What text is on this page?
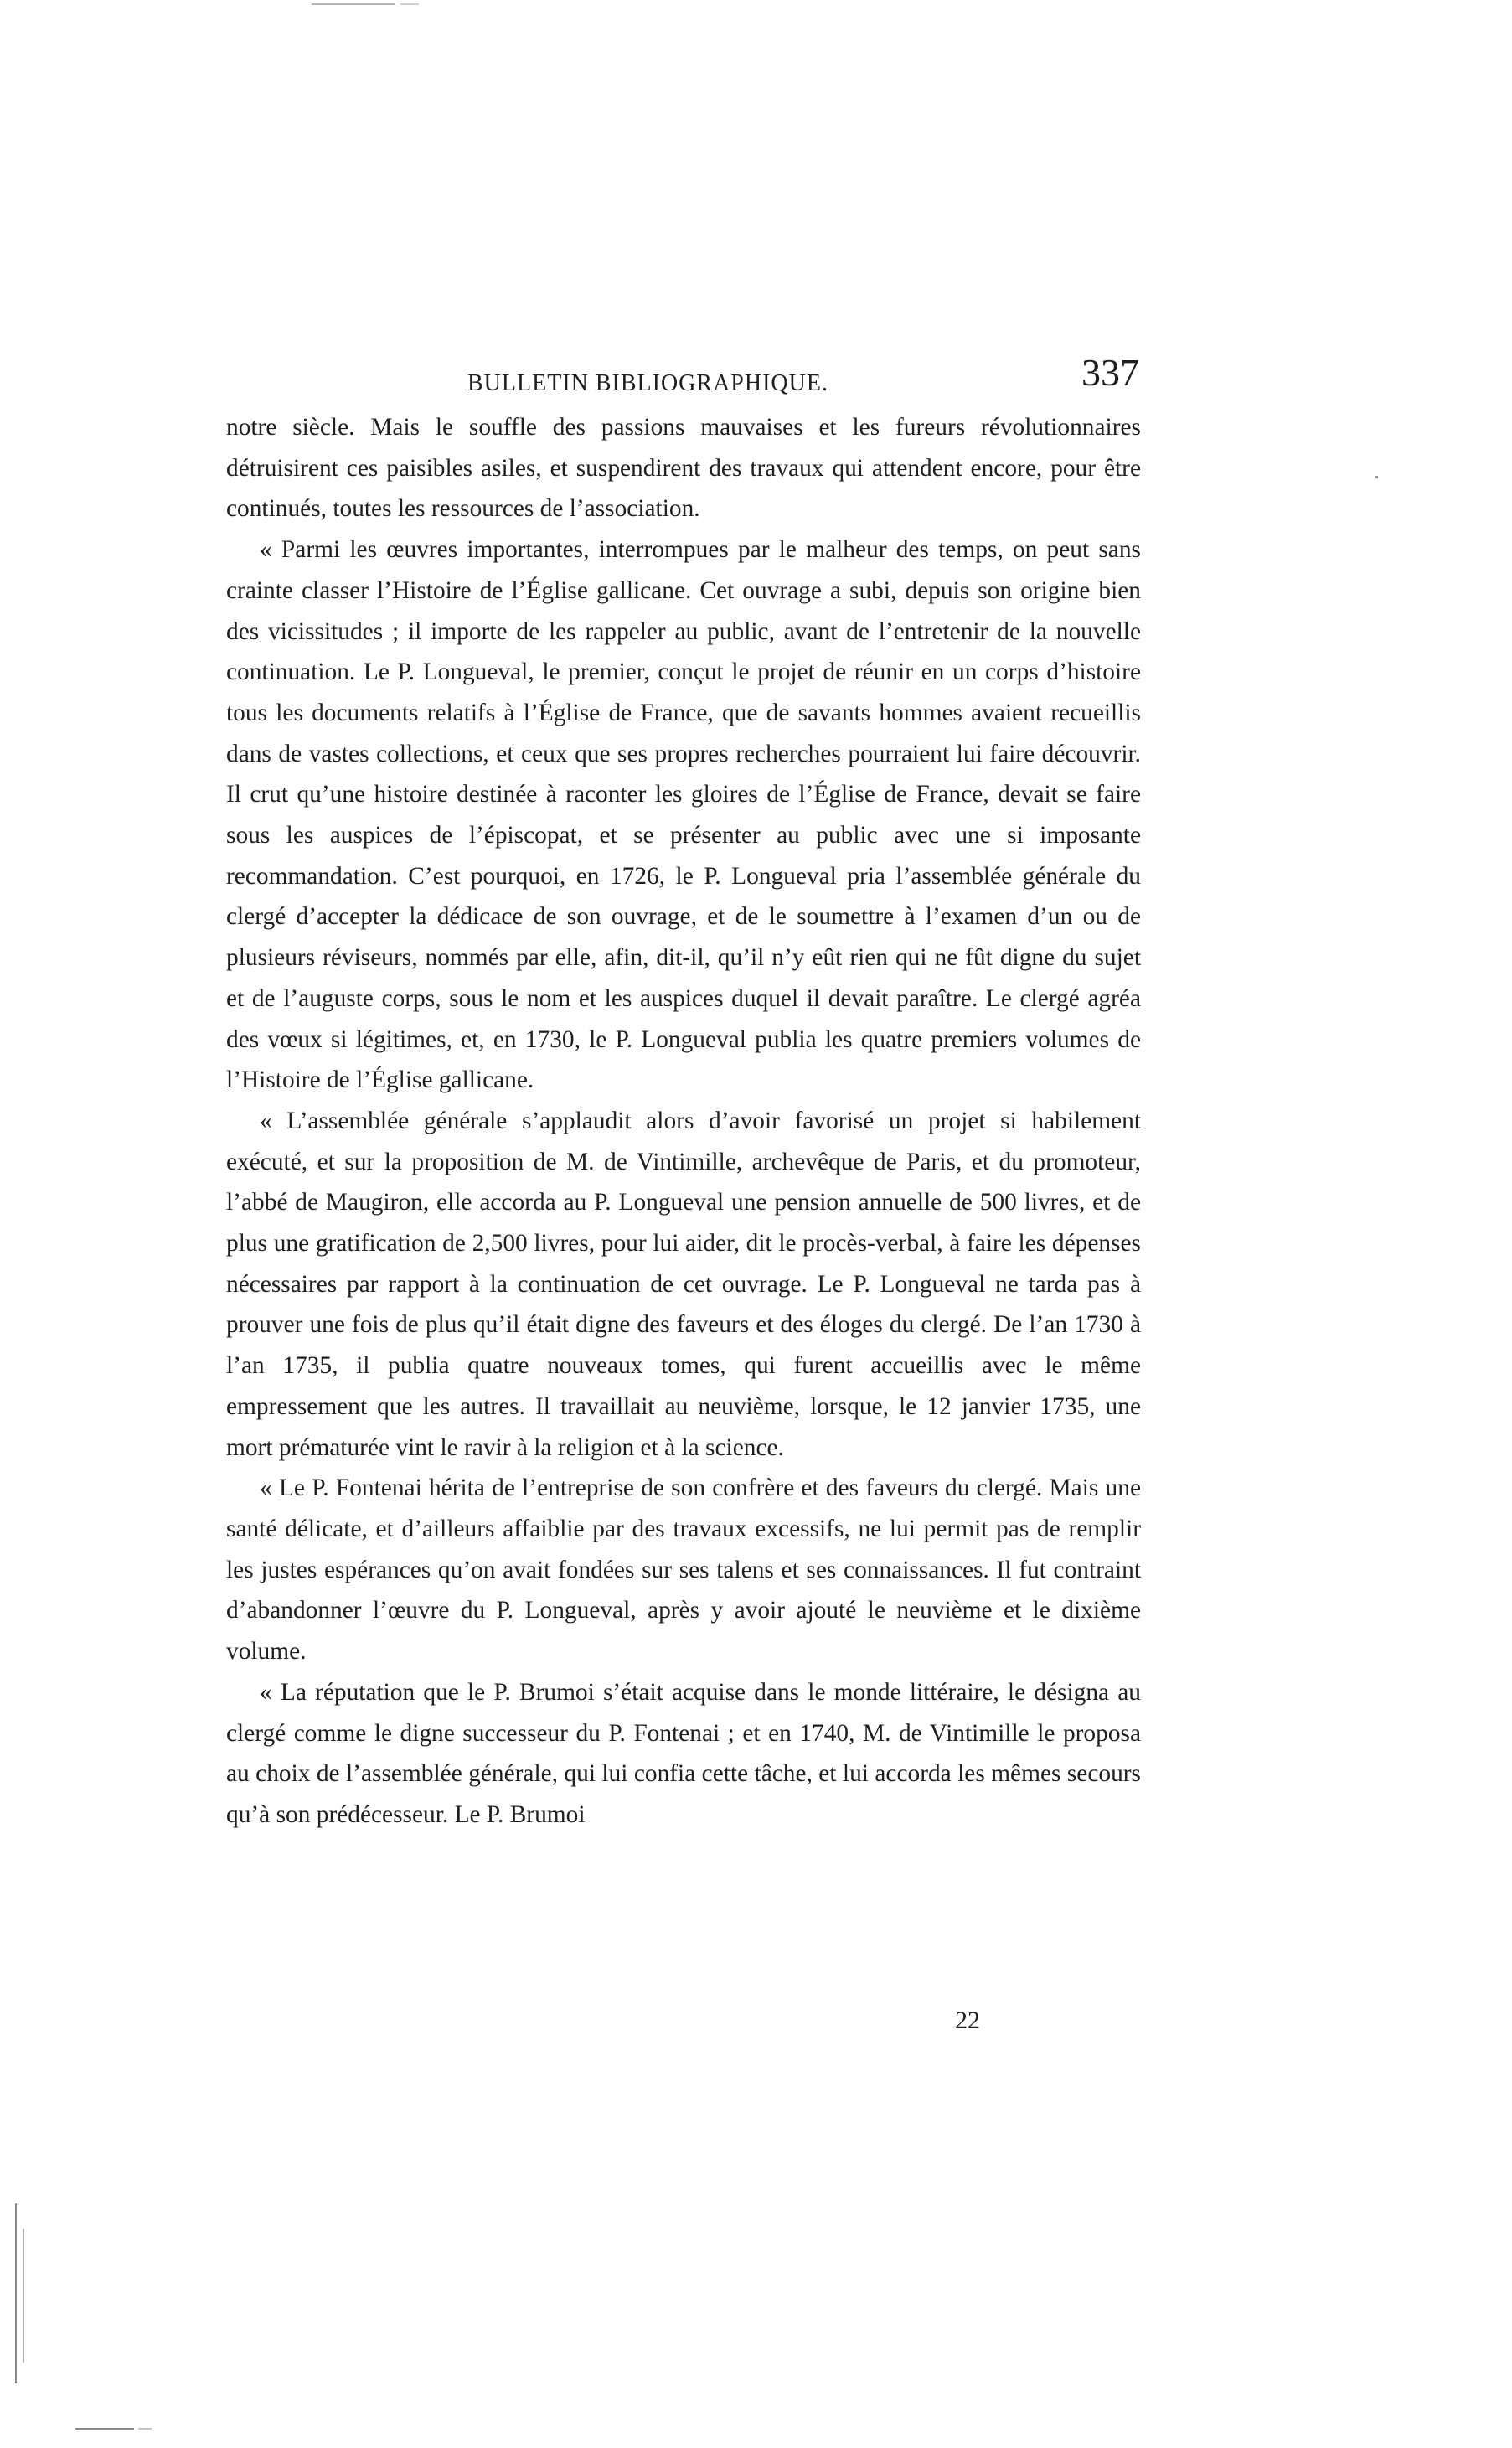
BULLETIN BIBLIOGRAPHIQUE.	337

notre siècle. Mais le souffle des passions mauvaises et les fureurs révolutionnaires détruisirent ces paisibles asiles, et suspendirent des travaux qui attendent encore, pour être continués, toutes les ressources de l’association.

« Parmi les œuvres importantes, interrompues par le malheur des temps, on peut sans crainte classer l’Histoire de l’Église gallicane. Cet ouvrage a subi, depuis son origine bien des vicissitudes ; il importe de les rappeler au public, avant de l’entretenir de la nouvelle continuation. Le P. Longueval, le premier, conçut le projet de réunir en un corps d’histoire tous les documents relatifs à l’Église de France, que de savants hommes avaient recueillis dans de vastes collections, et ceux que ses propres recherches pourraient lui faire découvrir. Il crut qu’une histoire destinée à raconter les gloires de l’Église de France, devait se faire sous les auspices de l’épiscopat, et se présenter au public avec une si imposante recommandation. C’est pourquoi, en 1726, le P. Longueval pria l’assemblée générale du clergé d’accepter la dédicace de son ouvrage, et de le soumettre à l’examen d’un ou de plusieurs réviseurs, nommés par elle, afin, dit-il, qu’il n’y eût rien qui ne fût digne du sujet et de l’auguste corps, sous le nom et les auspices duquel il devait paraître. Le clergé agréa des vœux si légitimes, et, en 1730, le P. Longueval publia les quatre premiers volumes de l’Histoire de l’Église gallicane.

« L’assemblée générale s’applaudit alors d’avoir favorisé un projet si habilement exécuté, et sur la proposition de M. de Vintimille, archevêque de Paris, et du promoteur, l’abbé de Maugiron, elle accorda au P. Longueval une pension annuelle de 500 livres, et de plus une gratification de 2,500 livres, pour lui aider, dit le procès-verbal, à faire les dépenses nécessaires par rapport à la continuation de cet ouvrage. Le P. Longueval ne tarda pas à prouver une fois de plus qu’il était digne des faveurs et des éloges du clergé. De l’an 1730 à l’an 1735, il publia quatre nouveaux tomes, qui furent accueillis avec le même empressement que les autres. Il travaillait au neuvième, lorsque, le 12 janvier 1735, une mort prématurée vint le ravir à la religion et à la science.

« Le P. Fontenai hérita de l’entreprise de son confrère et des faveurs du clergé. Mais une santé délicate, et d’ailleurs affaiblie par des travaux excessifs, ne lui permit pas de remplir les justes espérances qu’on avait fondées sur ses talens et ses connaissances. Il fut contraint d’abandonner l’œuvre du P. Longueval, après y avoir ajouté le neuvième et le dixième volume.

« La réputation que le P. Brumoi s’était acquise dans le monde littéraire, le désigna au clergé comme le digne successeur du P. Fontenai ; et en 1740, M. de Vintimille le proposa au choix de l’assemblée générale, qui lui confia cette tâche, et lui accorda les mêmes secours qu’à son prédécesseur. Le P. Brumoi

22
